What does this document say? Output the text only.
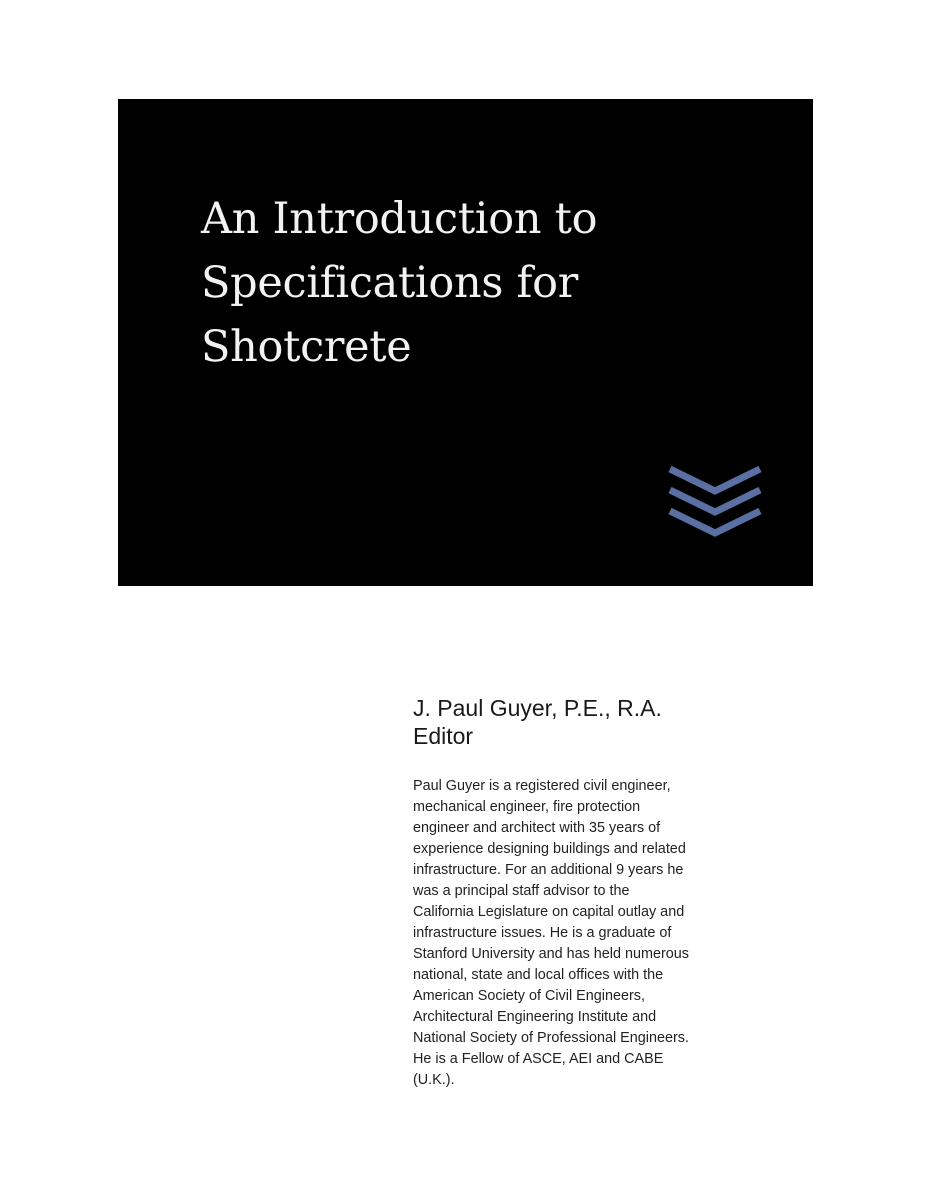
An Introduction to
Specifications for
Shotcrete

J. Paul Guyer, P.E., R.A.

Editor

Paul Guyer is a registered civil engineer,
mechanical engineer, fire protection
engineer and architect with 35 years of
experience designing buildings and related
infrastructure. For an additional 9 years he
was a principal staff advisor to the
California Legislature on capital outlay and
infrastructure issues. He is a graduate of
Stanford University and has held numerous
national, state and local offices with the
American Society of Civil Engineers,
Architectural Engineering Institute and
National Society of Professional Engineers.
He is a Fellow of ASCE, AEI and CABE
(U.K.).
